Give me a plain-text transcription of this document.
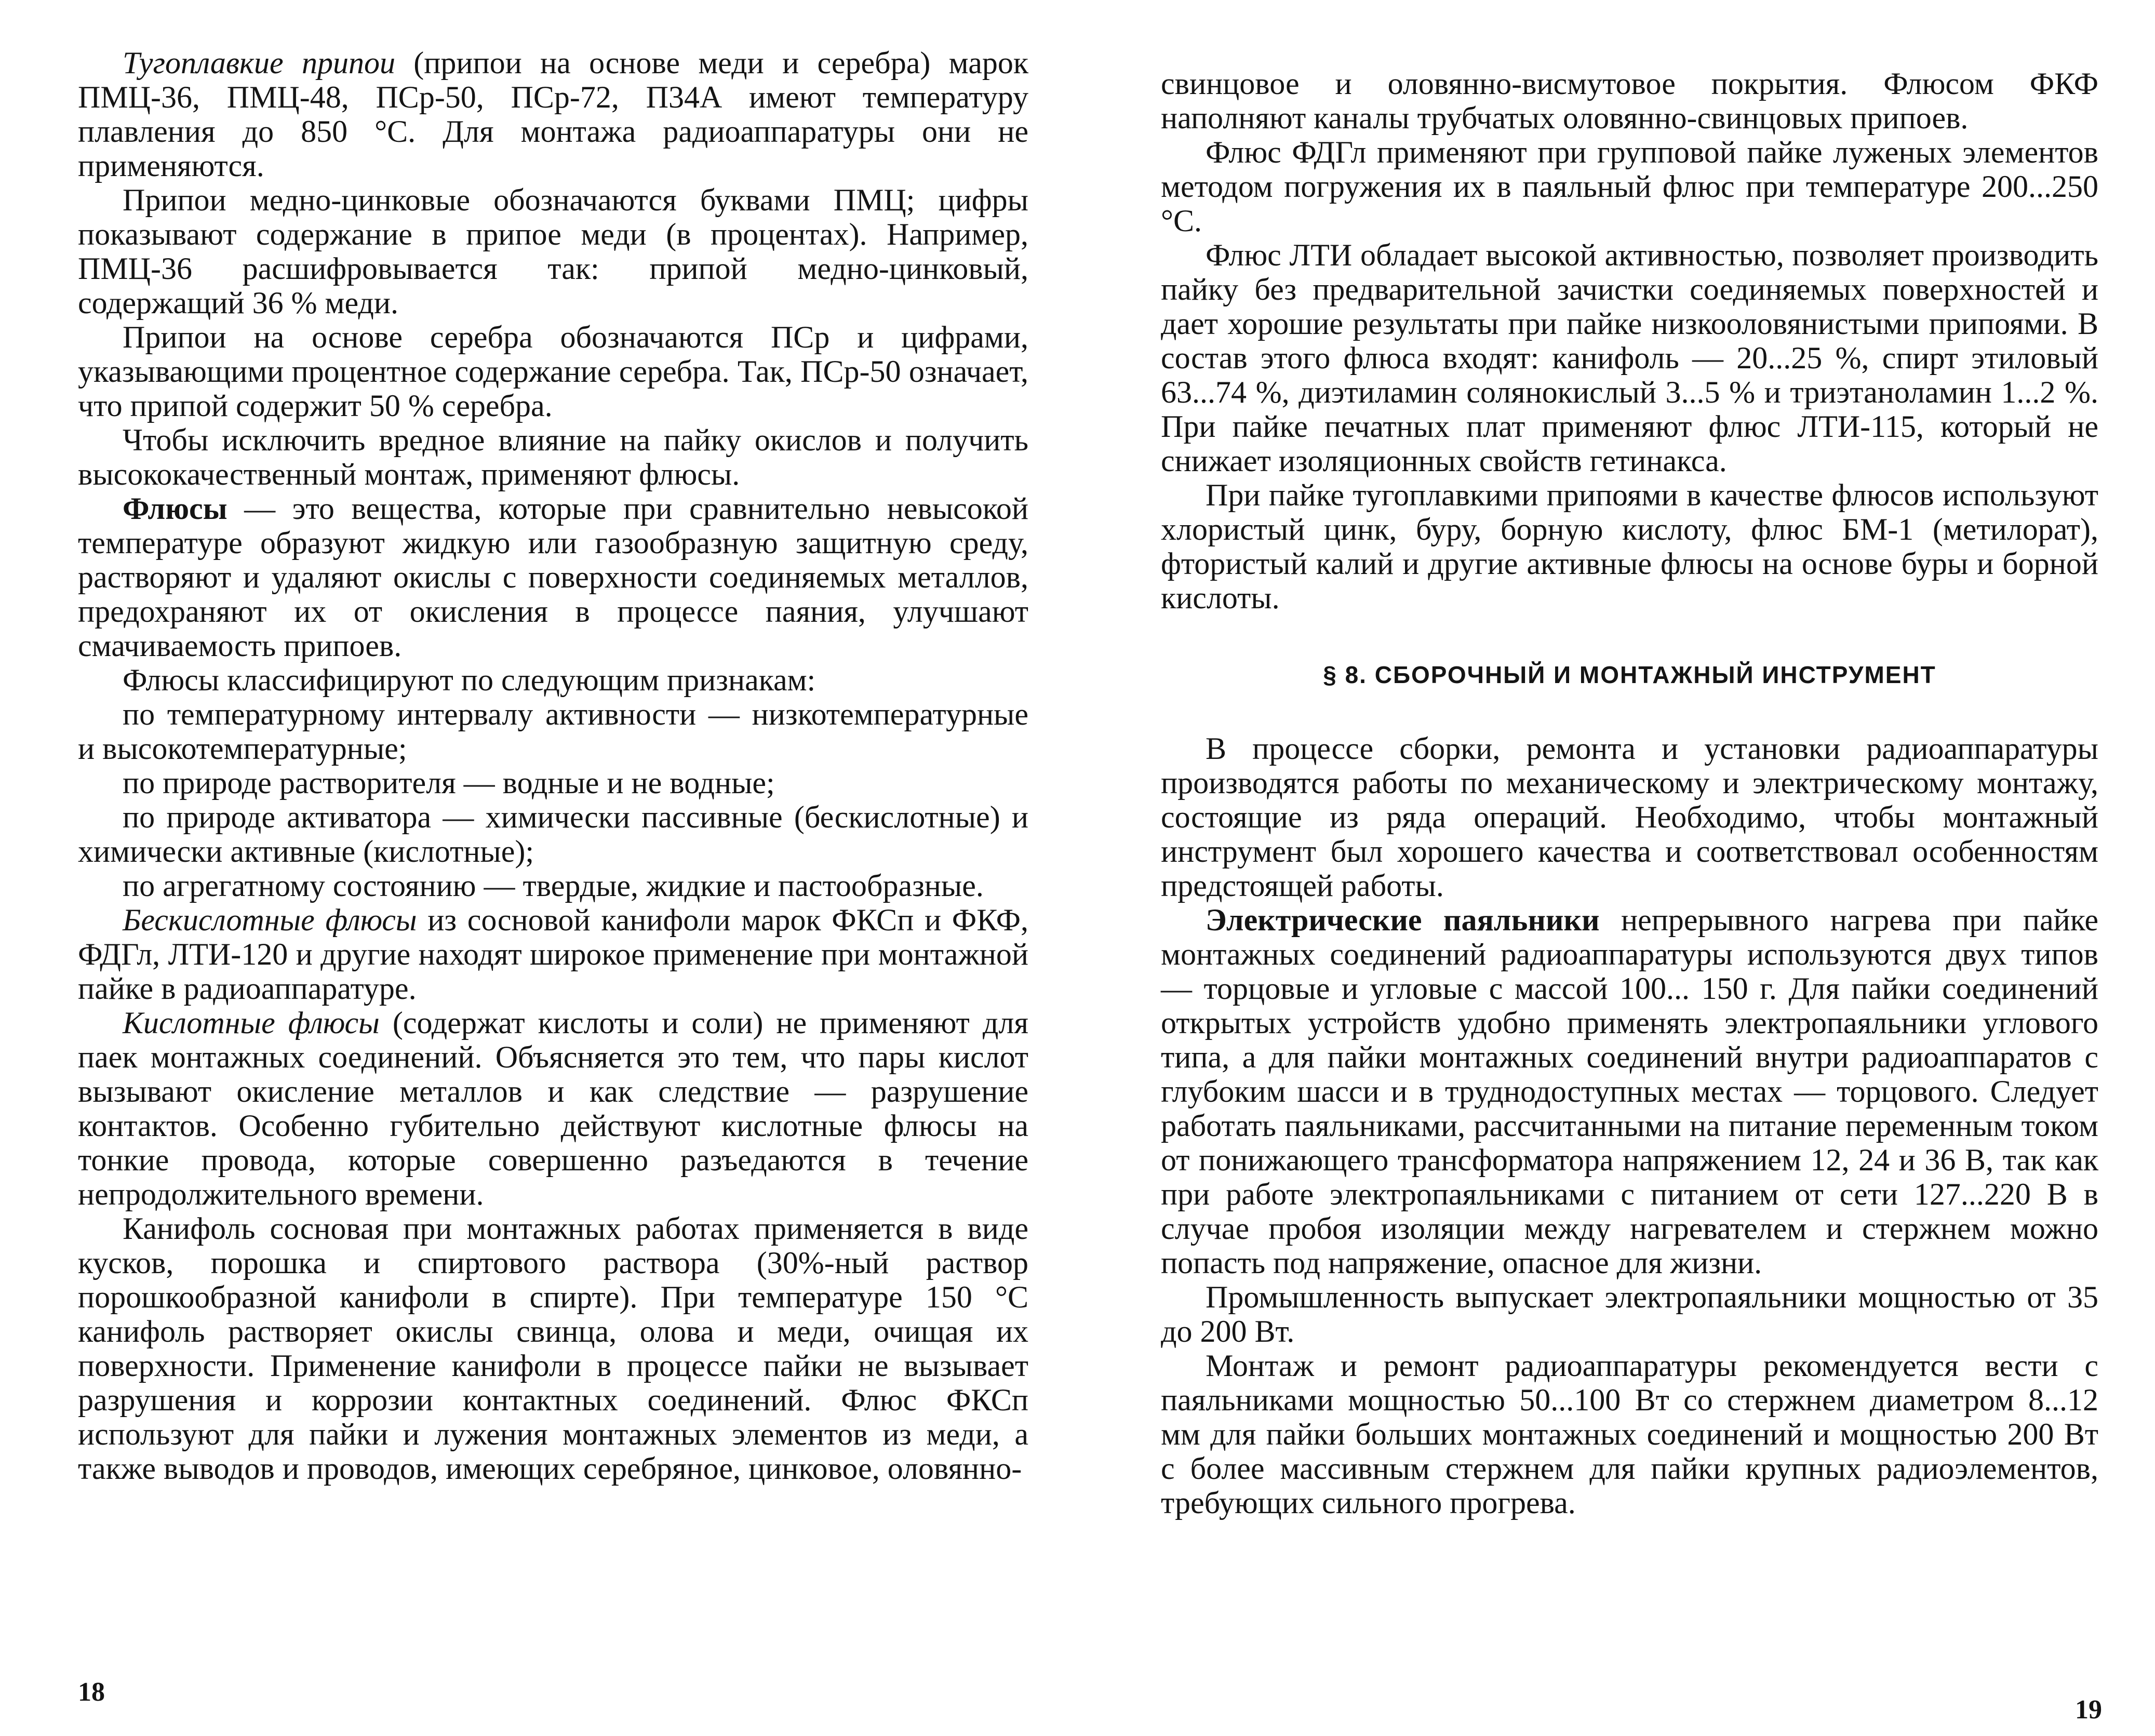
Тугоплавкие припои (припои на основе меди и серебра) марок ПМЦ-36, ПМЦ-48, ПСр-50, ПСр-72, П34А имеют температуру плавления до 850 °С. Для монтажа радиоаппаратуры они не применяются.

Припои медно-цинковые обозначаются буквами ПМЦ; цифры показывают содержание в припое меди (в процентах). Например, ПМЦ-36 расшифровывается так: припой медно-цинковый, содержащий 36 % меди.

Припои на основе серебра обозначаются ПСр и цифрами, указывающими процентное содержание серебра. Так, ПСр-50 означает, что припой содержит 50 % серебра.

Чтобы исключить вредное влияние на пайку окислов и получить высококачественный монтаж, применяют флюсы.

Флюсы — это вещества, которые при сравнительно невысокой температуре образуют жидкую или газообразную защитную среду, растворяют и удаляют окислы с поверхности соединяемых металлов, предохраняют их от окисления в процессе паяния, улучшают смачиваемость припоев.

Флюсы классифицируют по следующим признакам:

по температурному интервалу активности — низкотемпературные и высокотемпературные;

по природе растворителя — водные и не водные;

по природе активатора — химически пассивные (бескислотные) и химически активные (кислотные);

по агрегатному состоянию — твердые, жидкие и пастообразные.

Бескислотные флюсы из сосновой канифоли марок ФКСп и ФКФ, ФДГл, ЛТИ-120 и другие находят широкое применение при монтажной пайке в радиоаппаратуре.

Кислотные флюсы (содержат кислоты и соли) не применяют для паек монтажных соединений. Объясняется это тем, что пары кислот вызывают окисление металлов и как следствие — разрушение контактов. Особенно губительно действуют кислотные флюсы на тонкие провода, которые совершенно разъедаются в течение непродолжительного времени.

Канифоль сосновая при монтажных работах применяется в виде кусков, порошка и спиртового раствора (30%-ный раствор порошкообразной канифоли в спирте). При температуре 150 °С канифоль растворяет окислы свинца, олова и меди, очищая их поверхности. Применение канифоли в процессе пайки не вызывает разрушения и коррозии контактных соединений. Флюс ФКСп используют для пайки и лужения монтажных элементов из меди, а также выводов и проводов, имеющих серебряное, цинковое, оловянно-

18

свинцовое и оловянно-висмутовое покрытия. Флюсом ФКФ наполняют каналы трубчатых оловянно-свинцовых припоев.

Флюс ФДГл применяют при групповой пайке луженых элементов методом погружения их в паяльный флюс при температуре 200...250 °С.

Флюс ЛТИ обладает высокой активностью, позволяет производить пайку без предварительной зачистки соединяемых поверхностей и дает хорошие результаты при пайке низкооловянистыми припоями. В состав этого флюса входят: канифоль — 20...25 %, спирт этиловый 63...74 %, диэтиламин солянокислый 3...5 % и триэтаноламин 1...2 %. При пайке печатных плат применяют флюс ЛТИ-115, который не снижает изоляционных свойств гетинакса.

При пайке тугоплавкими припоями в качестве флюсов используют хлористый цинк, буру, борную кислоту, флюс БМ-1 (метилорат), фтористый калий и другие активные флюсы на основе буры и борной кислоты.

§ 8. СБОРОЧНЫЙ И МОНТАЖНЫЙ ИНСТРУМЕНТ

В процессе сборки, ремонта и установки радиоаппаратуры производятся работы по механическому и электрическому монтажу, состоящие из ряда операций. Необходимо, чтобы монтажный инструмент был хорошего качества и соответствовал особенностям предстоящей работы.

Электрические паяльники непрерывного нагрева при пайке монтажных соединений радиоаппаратуры используются двух типов — торцовые и угловые с массой 100... 150 г. Для пайки соединений открытых устройств удобно применять электропаяльники углового типа, а для пайки монтажных соединений внутри радиоаппаратов с глубоким шасси и в труднодоступных местах — торцового. Следует работать паяльниками, рассчитанными на питание переменным током от понижающего трансформатора напряжением 12, 24 и 36 В, так как при работе электропаяльниками с питанием от сети 127...220 В в случае пробоя изоляции между нагревателем и стержнем можно попасть под напряжение, опасное для жизни.

Промышленность выпускает электропаяльники мощностью от 35 до 200 Вт.

Монтаж и ремонт радиоаппаратуры рекомендуется вести с паяльниками мощностью 50...100 Вт со стержнем диаметром 8...12 мм для пайки больших монтажных соединений и мощностью 200 Вт с более массивным стержнем для пайки крупных радиоэлементов, требующих сильного прогрева.

19
